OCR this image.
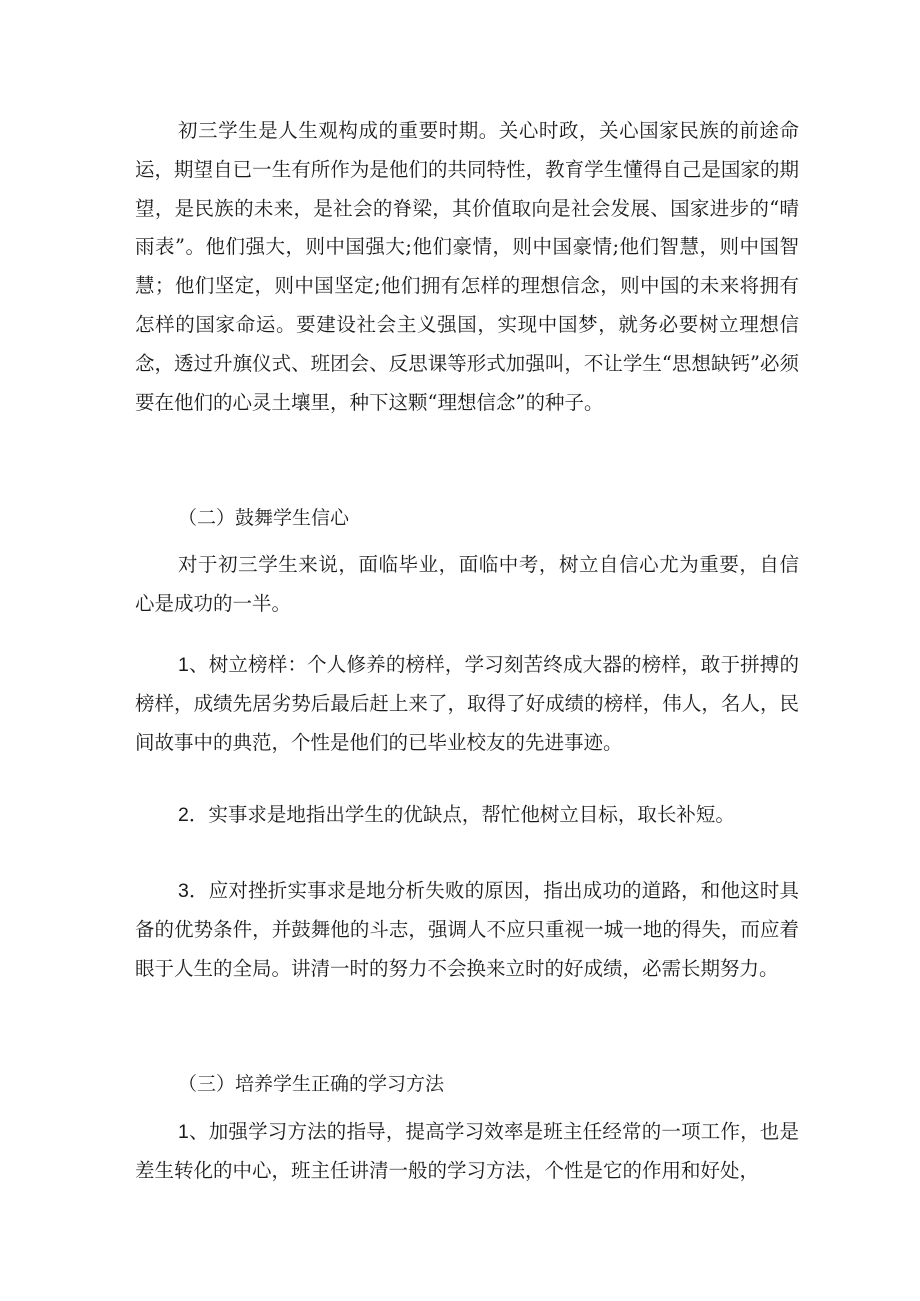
初三学生是人生观构成的重要时期。关心时政，关心国家民族的前途命运，期望自已一生有所作为是他们的共同特性，教育学生懂得自己是国家的期望，是民族的未来，是社会的脊梁，其价值取向是社会发展、国家进步的“晴雨表”。他们强大，则中国强大;他们豪情，则中国豪情;他们智慧，则中国智慧；他们坚定，则中国坚定;他们拥有怎样的理想信念，则中国的未来将拥有怎样的国家命运。要建设社会主义强国，实现中国梦，就务必要树立理想信念，透过升旗仪式、班团会、反思课等形式加强叫，不让学生“思想缺钙”必须要在他们的心灵土壤里，种下这颗“理想信念”的种子。

（二）鼓舞学生信心

对于初三学生来说，面临毕业，面临中考，树立自信心尤为重要，自信心是成功的一半。

1、树立榜样：个人修养的榜样，学习刻苦终成大器的榜样，敢于拼搏的榜样，成绩先居劣势后最后赶上来了，取得了好成绩的榜样，伟人，名人，民间故事中的典范，个性是他们的已毕业校友的先进事迹。

2．实事求是地指出学生的优缺点，帮忙他树立目标，取长补短。

3．应对挫折实事求是地分析失败的原因，指出成功的道路，和他这时具备的优势条件，并鼓舞他的斗志，强调人不应只重视一城一地的得失，而应着眼于人生的全局。讲清一时的努力不会换来立时的好成绩，必需长期努力。

（三）培养学生正确的学习方法

1、加强学习方法的指导，提高学习效率是班主任经常的一项工作，也是差生转化的中心，班主任讲清一般的学习方法，个性是它的作用和好处，
